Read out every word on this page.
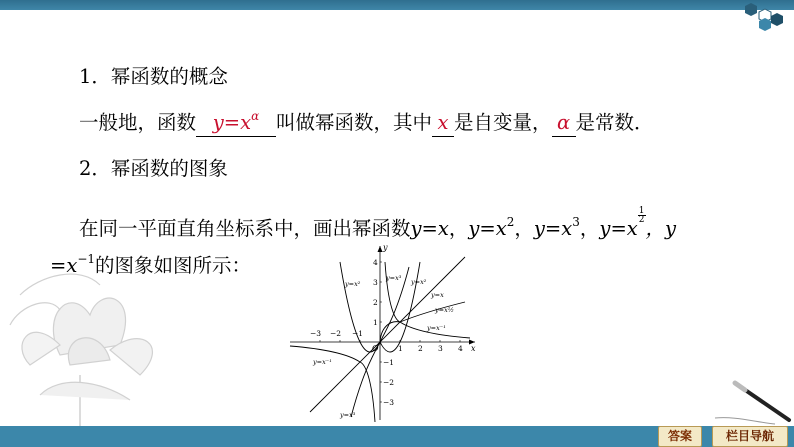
1．幂函数的概念
一般地，函数 $y=x^\alpha$ 叫做幂函数，其中 x 是自变量， α 是常数．
2．幂函数的图象
在同一平面直角坐标系中，画出幂函数y=x，$y=x^2$，$y=x^3$，y=x
$\frac{1}{2}$
，y
$=x^{-1}$的图象如图所示：
x
y
O
−3 −2 −1
1 2 3 4
4
3
2
1
−1
−2
−3
y=x²
y=x³ y=x²
y=x
y=x½
y=x⁻¹
y=x⁻¹
y=x³
答案	栏目导航
